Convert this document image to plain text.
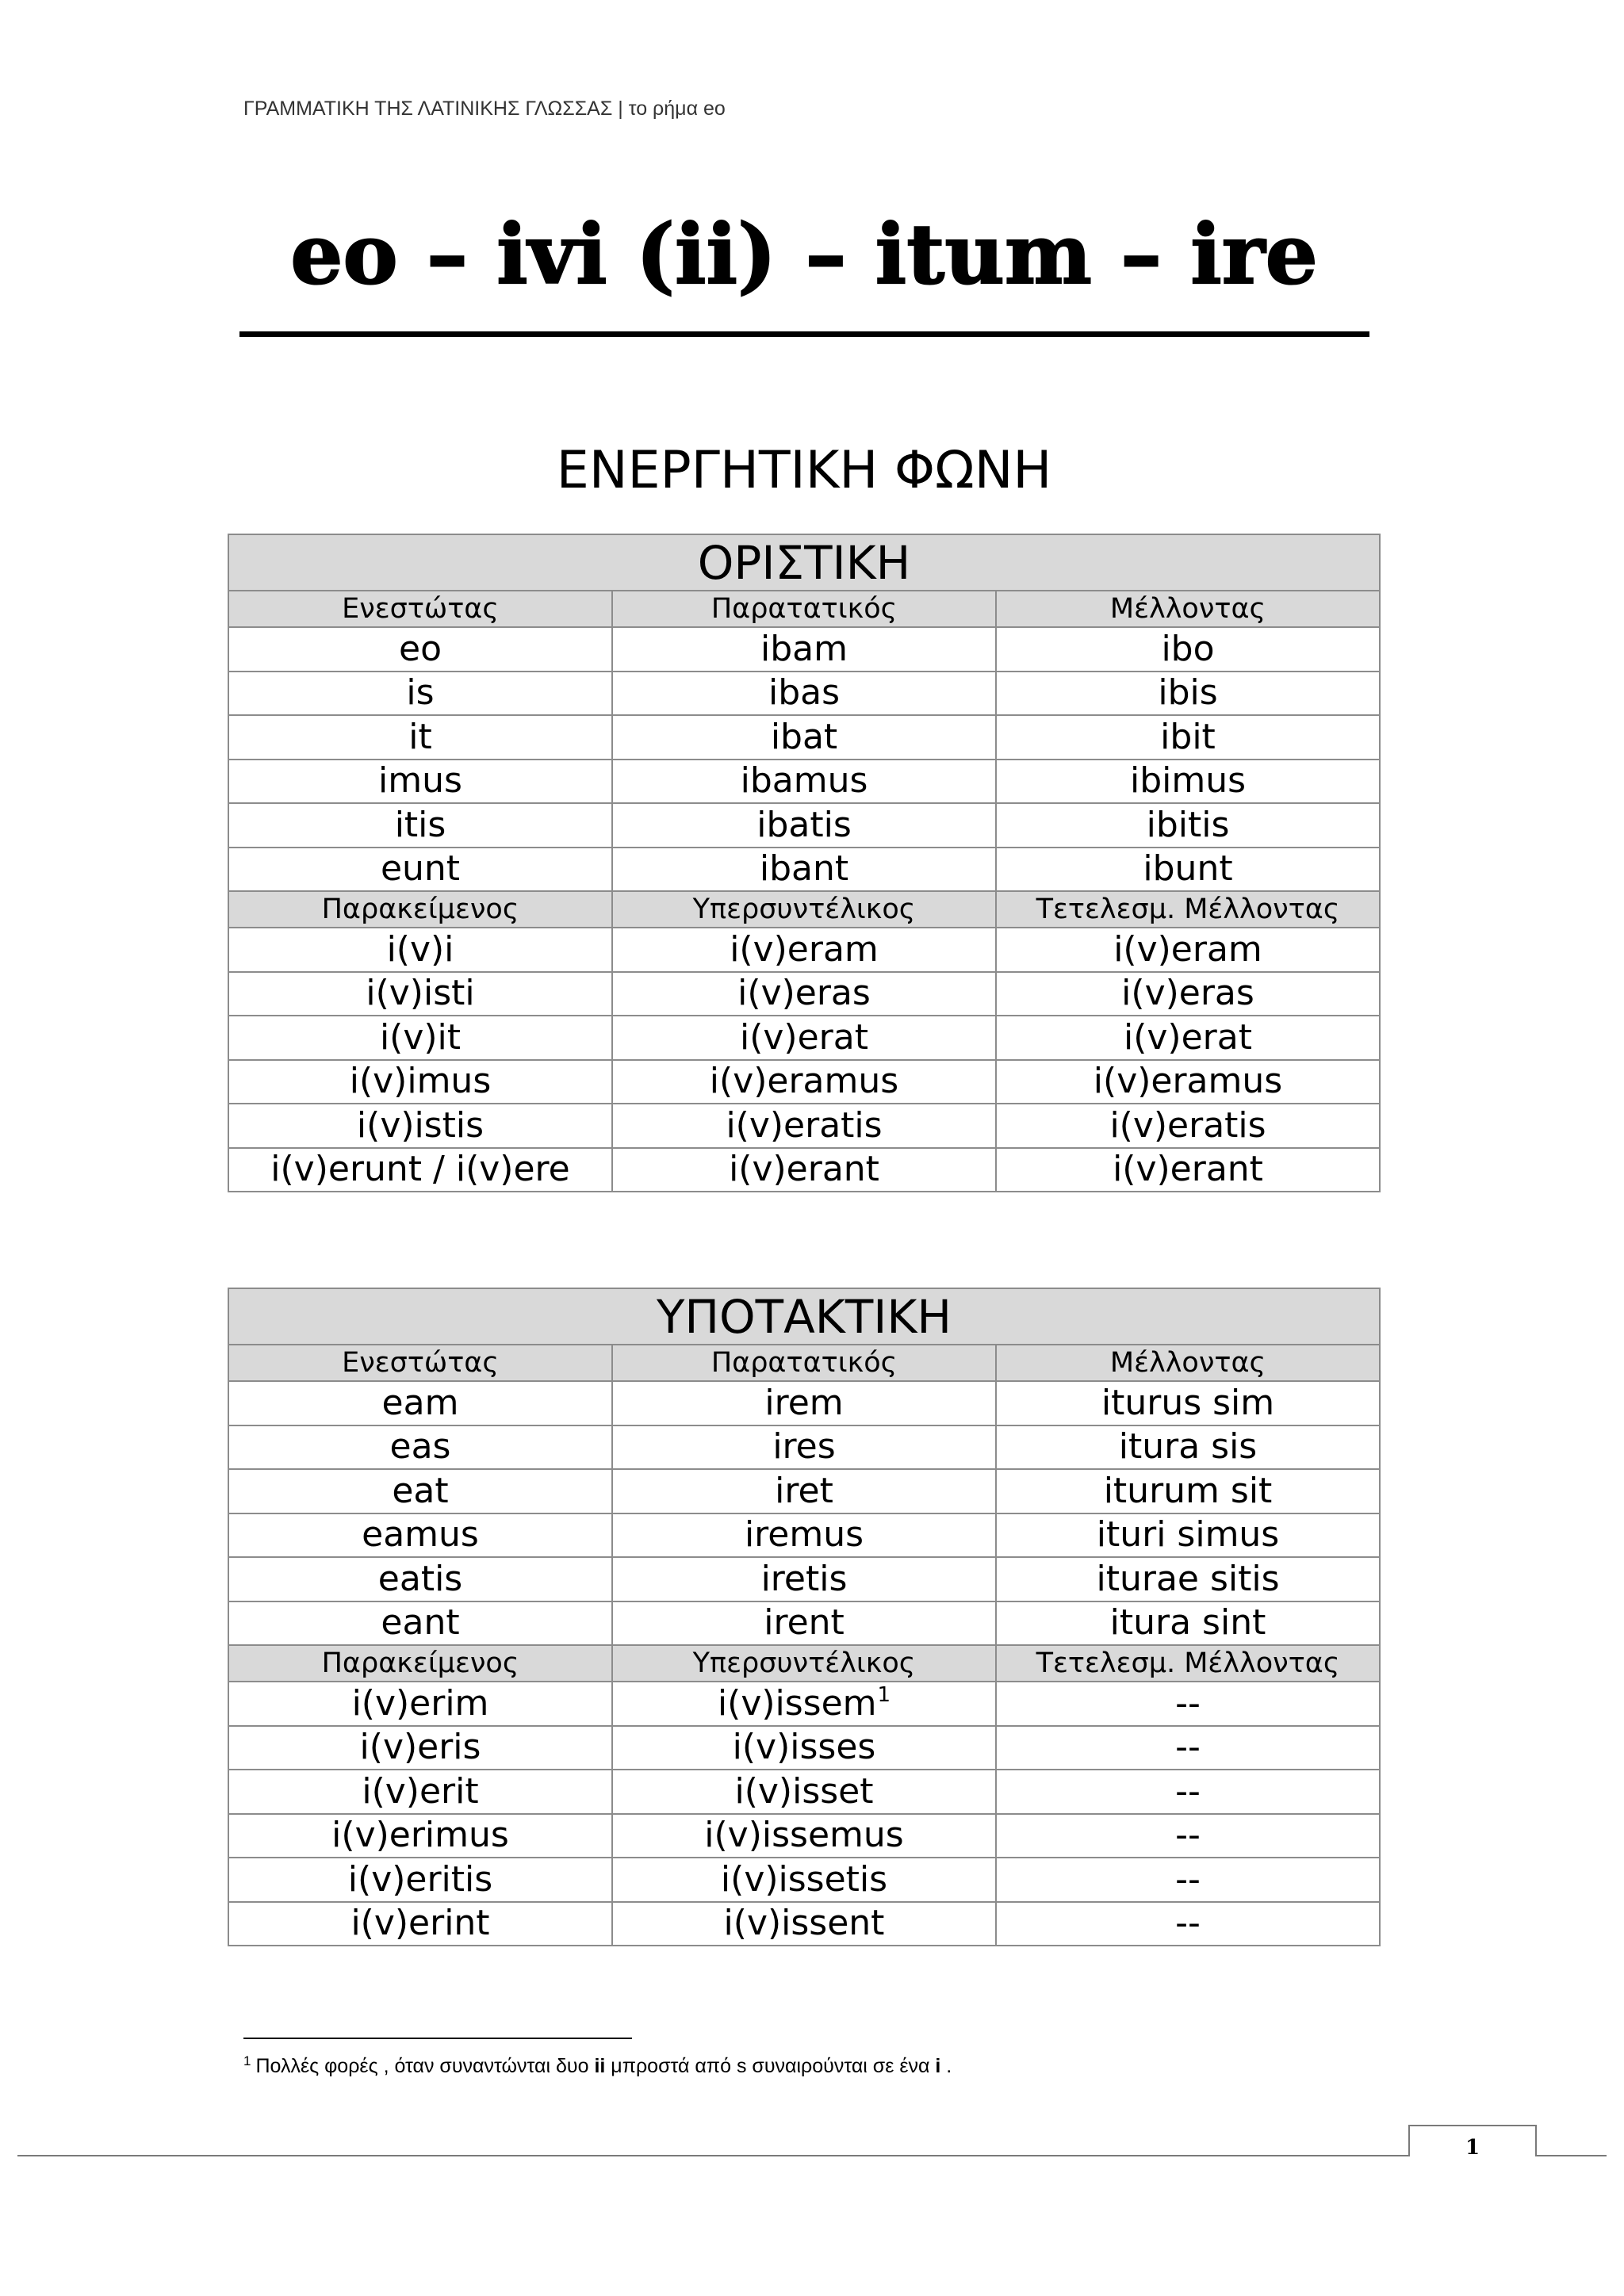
ΓΡΑΜΜΑΤΙΚΗ ΤΗΣ ΛΑΤΙΝΙΚΗΣ ΓΛΩΣΣΑΣ | το ρήμα eo
eo – ivi (ii) – itum – ire
ΕΝΕΡΓΗΤΙΚΗ ΦΩΝΗ
ΟΡΙΣΤΙΚΗ		
Ενεστώτας	Παρατατικός	Μέλλοντας
eo	ibam	ibo
is	ibas	ibis
it	ibat	ibit
imus	ibamus	ibimus
itis	ibatis	ibitis
eunt	ibant	ibunt
Παρακείμενος	Υπερσυντέλικος	Τετελεσμ. Μέλλοντας
i(v)i	i(v)eram	i(v)eram
i(v)isti	i(v)eras	i(v)eras
i(v)it	i(v)erat	i(v)erat
i(v)imus	i(v)eramus	i(v)eramus
i(v)istis	i(v)eratis	i(v)eratis
i(v)erunt / i(v)ere	i(v)erant	i(v)erant
ΥΠΟΤΑΚΤΙΚΗ		
Ενεστώτας	Παρατατικός	Μέλλοντας
eam	irem	iturus sim
eas	ires	itura sis
eat	iret	iturum sit
eamus	iremus	ituri simus
eatis	iretis	iturae sitis
eant	irent	itura sint
Παρακείμενος	Υπερσυντέλικος	Τετελεσμ. Μέλλοντας
i(v)erim	i(v)issem$^1$	--
i(v)eris	i(v)isses	--
i(v)erit	i(v)isset	--
i(v)erimus	i(v)issemus	--
i(v)eritis	i(v)issetis	--
i(v)erint	i(v)issent	--
$^1$ Πολλές φορές , όταν συναντώνται δυο ii μπροστά από s συναιρούνται σε ένα i .
1
